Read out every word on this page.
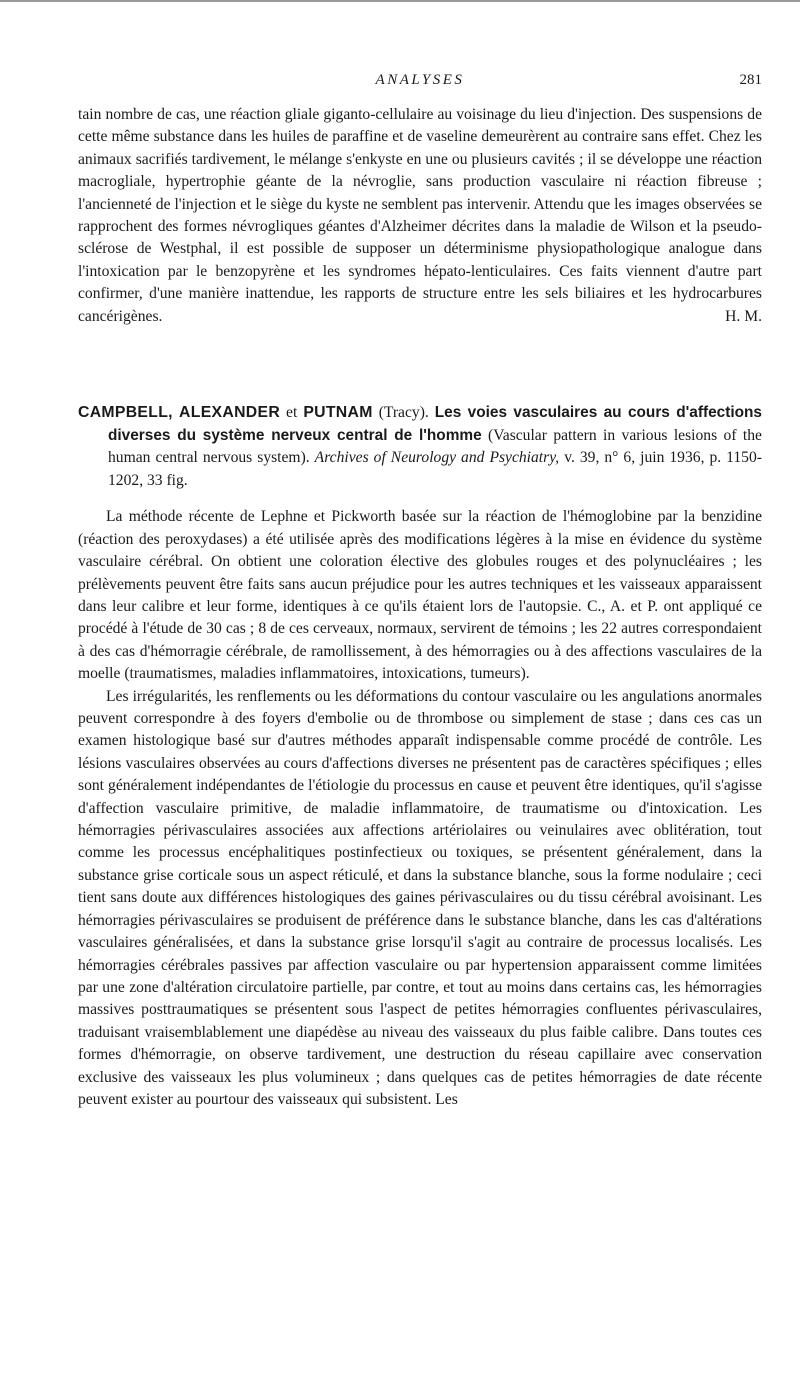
ANALYSES	281

tain nombre de cas, une réaction gliale giganto-cellulaire au voisinage du lieu d'injection. Des suspensions de cette même substance dans les huiles de paraffine et de vaseline demeurèrent au contraire sans effet. Chez les animaux sacrifiés tardivement, le mélange s'enkyste en une ou plusieurs cavités ; il se développe une réaction macrogliale, hypertrophie géante de la névroglie, sans production vasculaire ni réaction fibreuse ; l'ancienneté de l'injection et le siège du kyste ne semblent pas intervenir. Attendu que les images observées se rapprochent des formes névrogliques géantes d'Alzheimer décrites dans la maladie de Wilson et la pseudo-sclérose de Westphal, il est possible de supposer un déterminisme physiopathologique analogue dans l'intoxication par le benzopyrène et les syndromes hépato-lenticulaires. Ces faits viennent d'autre part confirmer, d'une manière inattendue, les rapports de structure entre les sels biliaires et les hydrocarbures cancérigènes.	H. M.

CAMPBELL, ALEXANDER et PUTNAM (Tracy). Les voies vasculaires au cours d'affections diverses du système nerveux central de l'homme (Vascular pattern in various lesions of the human central nervous system). Archives of Neurology and Psychiatry, v. 39, n° 6, juin 1936, p. 1150-1202, 33 fig.

La méthode récente de Lephne et Pickworth basée sur la réaction de l'hémoglobine par la benzidine (réaction des peroxydases) a été utilisée après des modifications légères à la mise en évidence du système vasculaire cérébral. On obtient une coloration élective des globules rouges et des polynucléaires ; les prélèvements peuvent être faits sans aucun préjudice pour les autres techniques et les vaisseaux apparaissent dans leur calibre et leur forme, identiques à ce qu'ils étaient lors de l'autopsie. C., A. et P. ont appliqué ce procédé à l'étude de 30 cas ; 8 de ces cerveaux, normaux, servirent de témoins ; les 22 autres correspondaient à des cas d'hémorragie cérébrale, de ramollissement, à des hémorragies ou à des affections vasculaires de la moelle (traumatismes, maladies inflammatoires, intoxications, tumeurs).

Les irrégularités, les renflements ou les déformations du contour vasculaire ou les angulations anormales peuvent correspondre à des foyers d'embolie ou de thrombose ou simplement de stase ; dans ces cas un examen histologique basé sur d'autres méthodes apparaît indispensable comme procédé de contrôle. Les lésions vasculaires observées au cours d'affections diverses ne présentent pas de caractères spécifiques ; elles sont généralement indépendantes de l'étiologie du processus en cause et peuvent être identiques, qu'il s'agisse d'affection vasculaire primitive, de maladie inflammatoire, de traumatisme ou d'intoxication. Les hémorragies périvasculaires associées aux affections artériolaires ou veinulaires avec oblitération, tout comme les processus encéphalitiques postinfectieux ou toxiques, se présentent généralement, dans la substance grise corticale sous un aspect réticulé, et dans la substance blanche, sous la forme nodulaire ; ceci tient sans doute aux différences histologiques des gaines périvasculaires ou du tissu cérébral avoisinant. Les hémorragies périvasculaires se produisent de préférence dans le substance blanche, dans les cas d'altérations vasculaires généralisées, et dans la substance grise lorsqu'il s'agit au contraire de processus localisés. Les hémorragies cérébrales passives par affection vasculaire ou par hypertension apparaissent comme limitées par une zone d'altération circulatoire partielle, par contre, et tout au moins dans certains cas, les hémorragies massives posttraumatiques se présentent sous l'aspect de petites hémorragies confluentes périvasculaires, traduisant vraisemblablement une diapédèse au niveau des vaisseaux du plus faible calibre. Dans toutes ces formes d'hémorragie, on observe tardivement, une destruction du réseau capillaire avec conservation exclusive des vaisseaux les plus volumineux ; dans quelques cas de petites hémorragies de date récente peuvent exister au pourtour des vaisseaux qui subsistent. Les
